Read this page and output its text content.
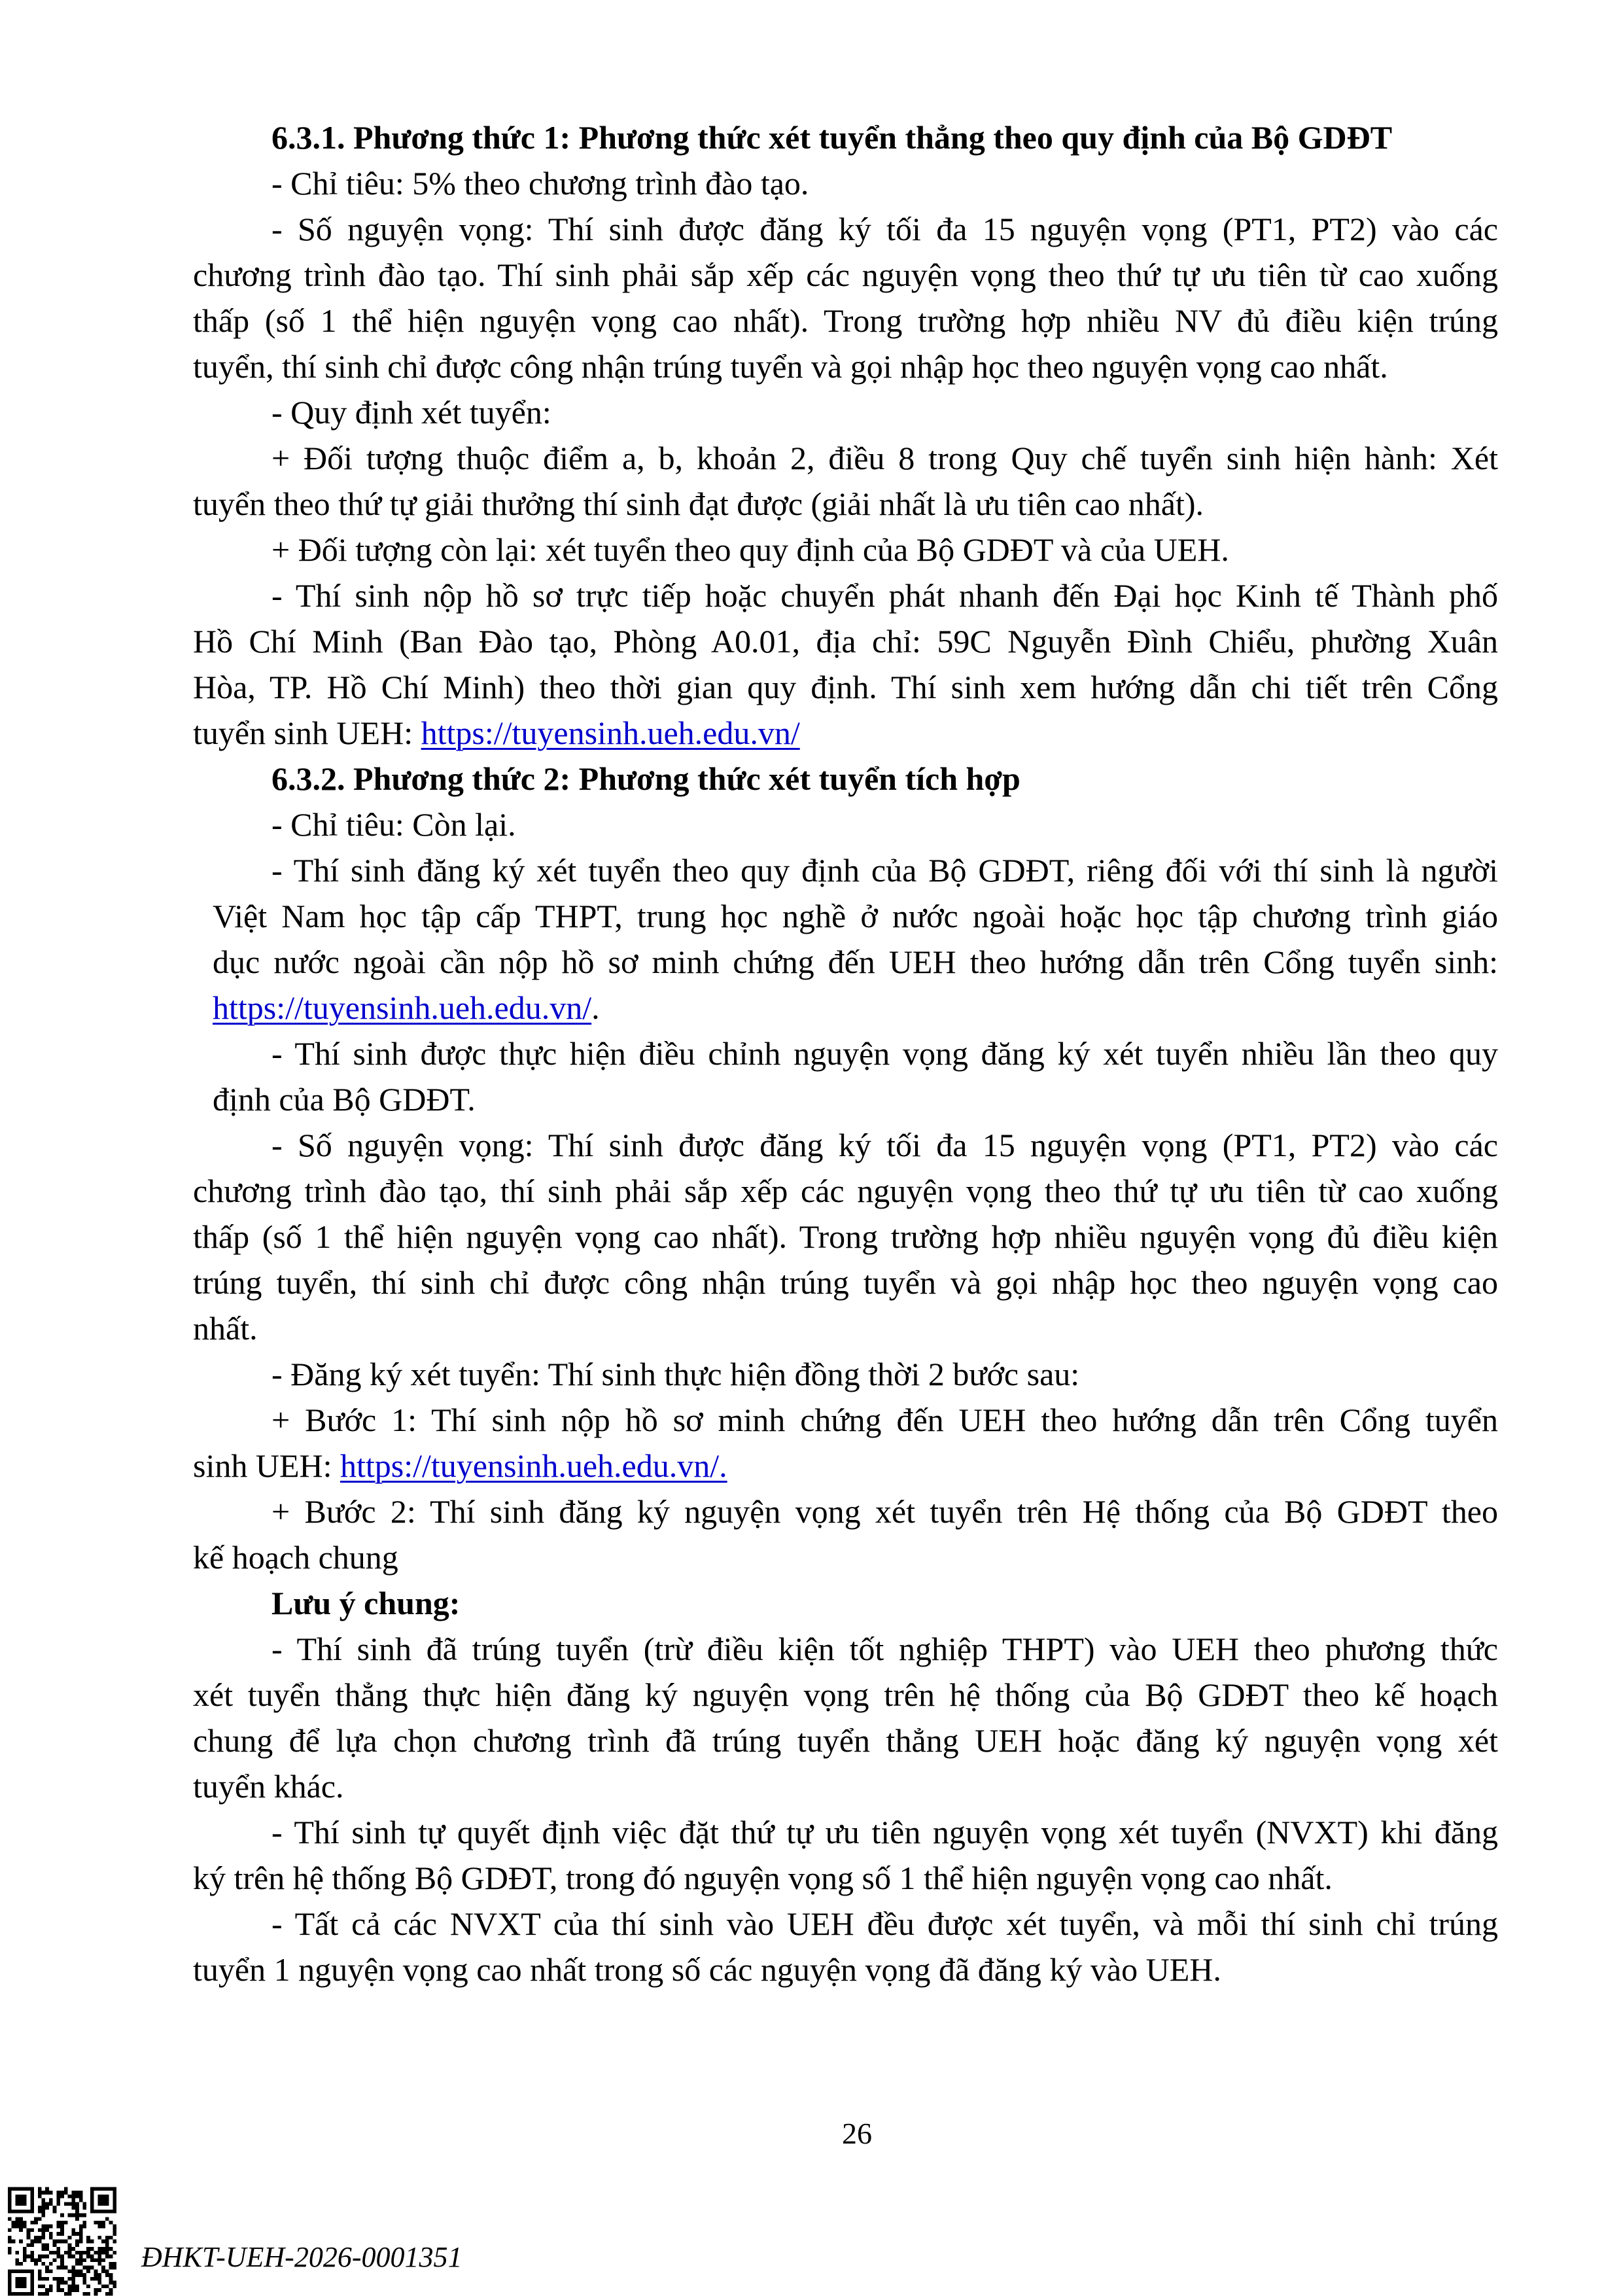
6.3.1. Phương thức 1: Phương thức xét tuyển thẳng theo quy định của Bộ GDĐT
- Chỉ tiêu: 5% theo chương trình đào tạo.
- Số nguyện vọng: Thí sinh được đăng ký tối đa 15 nguyện vọng (PT1, PT2) vào các
chương trình đào tạo. Thí sinh phải sắp xếp các nguyện vọng theo thứ tự ưu tiên từ cao xuống
thấp (số 1 thể hiện nguyện vọng cao nhất). Trong trường hợp nhiều NV đủ điều kiện trúng
tuyển, thí sinh chỉ được công nhận trúng tuyển và gọi nhập học theo nguyện vọng cao nhất.
- Quy định xét tuyển:
+ Đối tượng thuộc điểm a, b, khoản 2, điều 8 trong Quy chế tuyển sinh hiện hành: Xét
tuyển theo thứ tự giải thưởng thí sinh đạt được (giải nhất là ưu tiên cao nhất).
+ Đối tượng còn lại: xét tuyển theo quy định của Bộ GDĐT và của UEH.
- Thí sinh nộp hồ sơ trực tiếp hoặc chuyển phát nhanh đến Đại học Kinh tế Thành phố
Hồ Chí Minh (Ban Đào tạo, Phòng A0.01, địa chỉ: 59C Nguyễn Đình Chiểu, phường Xuân
Hòa, TP. Hồ Chí Minh) theo thời gian quy định. Thí sinh xem hướng dẫn chi tiết trên Cổng
tuyển sinh UEH: https://tuyensinh.ueh.edu.vn/
6.3.2. Phương thức 2: Phương thức xét tuyển tích hợp
- Chỉ tiêu: Còn lại.
- Thí sinh đăng ký xét tuyển theo quy định của Bộ GDĐT, riêng đối với thí sinh là người
Việt Nam học tập cấp THPT, trung học nghề ở nước ngoài hoặc học tập chương trình giáo
dục nước ngoài cần nộp hồ sơ minh chứng đến UEH theo hướng dẫn trên Cổng tuyển sinh:
https://tuyensinh.ueh.edu.vn/.
- Thí sinh được thực hiện điều chỉnh nguyện vọng đăng ký xét tuyển nhiều lần theo quy
định của Bộ GDĐT.
- Số nguyện vọng: Thí sinh được đăng ký tối đa 15 nguyện vọng (PT1, PT2) vào các
chương trình đào tạo, thí sinh phải sắp xếp các nguyện vọng theo thứ tự ưu tiên từ cao xuống
thấp (số 1 thể hiện nguyện vọng cao nhất). Trong trường hợp nhiều nguyện vọng đủ điều kiện
trúng tuyển, thí sinh chỉ được công nhận trúng tuyển và gọi nhập học theo nguyện vọng cao
nhất.
- Đăng ký xét tuyển: Thí sinh thực hiện đồng thời 2 bước sau:
+ Bước 1: Thí sinh nộp hồ sơ minh chứng đến UEH theo hướng dẫn trên Cổng tuyển
sinh UEH: https://tuyensinh.ueh.edu.vn/.
+ Bước 2: Thí sinh đăng ký nguyện vọng xét tuyển trên Hệ thống của Bộ GDĐT theo
kế hoạch chung
Lưu ý chung:
- Thí sinh đã trúng tuyển (trừ điều kiện tốt nghiệp THPT) vào UEH theo phương thức
xét tuyển thẳng thực hiện đăng ký nguyện vọng trên hệ thống của Bộ GDĐT theo kế hoạch
chung để lựa chọn chương trình đã trúng tuyển thẳng UEH hoặc đăng ký nguyện vọng xét
tuyển khác.
- Thí sinh tự quyết định việc đặt thứ tự ưu tiên nguyện vọng xét tuyển (NVXT) khi đăng
ký trên hệ thống Bộ GDĐT, trong đó nguyện vọng số 1 thể hiện nguyện vọng cao nhất.
- Tất cả các NVXT của thí sinh vào UEH đều được xét tuyển, và mỗi thí sinh chỉ trúng
tuyển 1 nguyện vọng cao nhất trong số các nguyện vọng đã đăng ký vào UEH.
26
ĐHKT-UEH-2026-0001351
